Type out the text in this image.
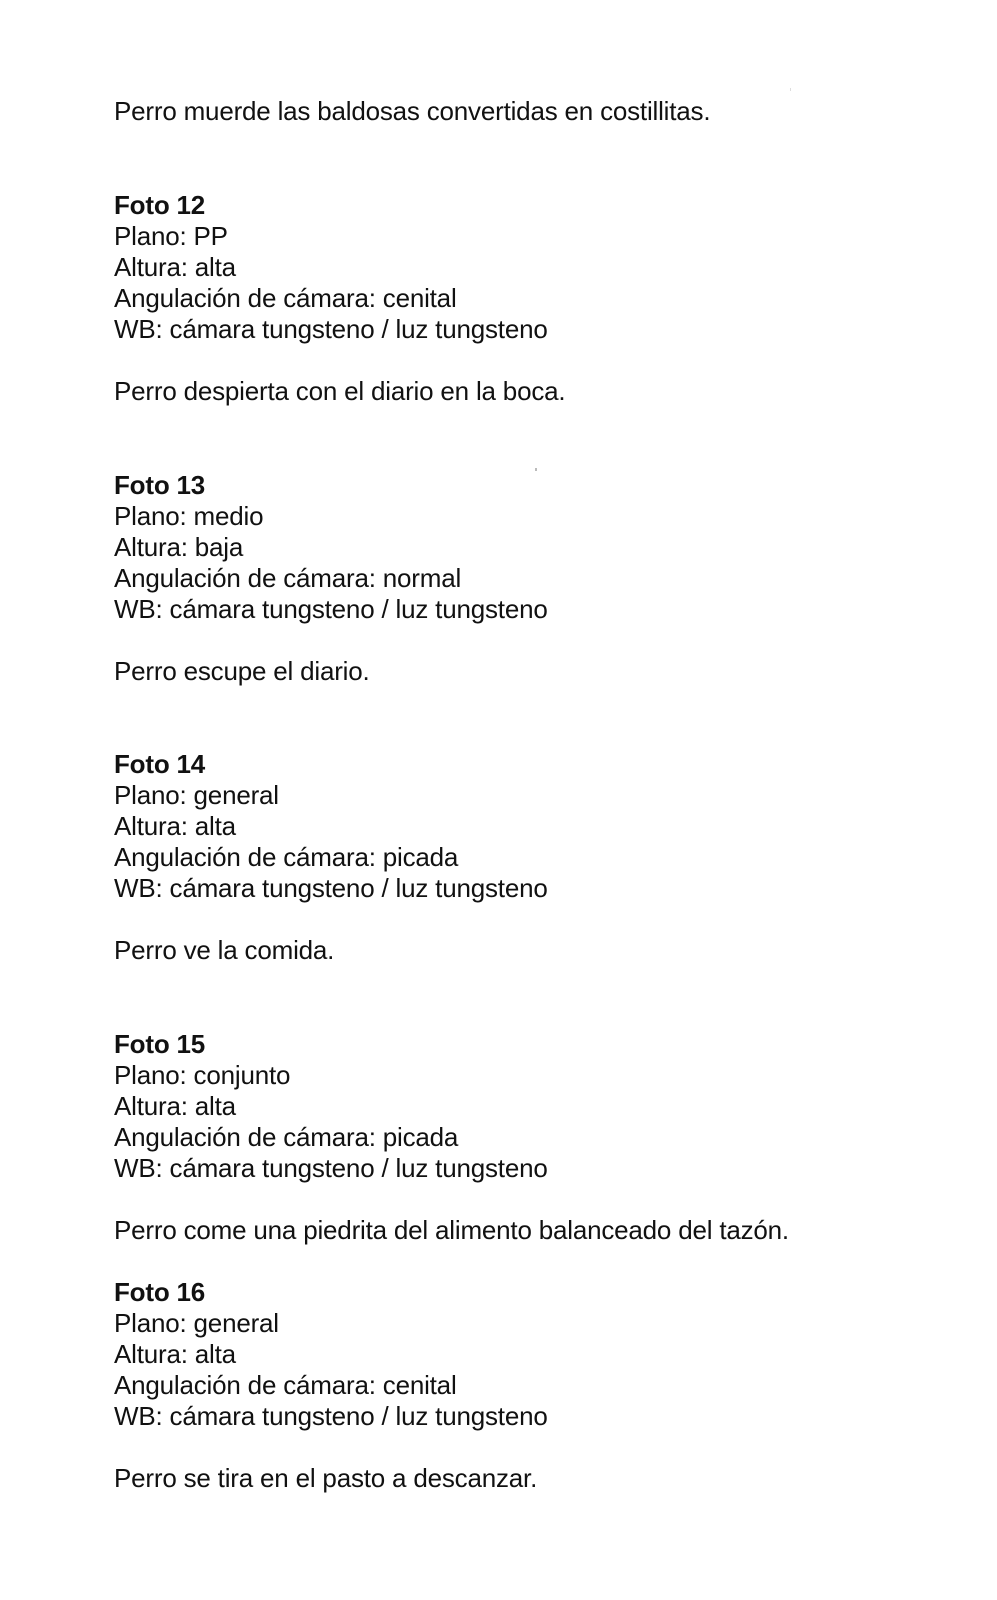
Perro muerde las baldosas convertidas en costillitas.
Foto 12
Plano: PP
Altura: alta
Angulación de cámara: cenital
WB: cámara tungsteno / luz tungsteno
Perro despierta con el diario en la boca.
Foto 13
Plano: medio
Altura: baja
Angulación de cámara: normal
WB: cámara tungsteno / luz tungsteno
Perro escupe el diario.
Foto 14
Plano: general
Altura: alta
Angulación de cámara: picada
WB: cámara tungsteno / luz tungsteno
Perro ve la comida.
Foto 15
Plano: conjunto
Altura: alta
Angulación de cámara: picada
WB: cámara tungsteno / luz tungsteno
Perro come una piedrita del alimento balanceado del tazón.
Foto 16
Plano: general
Altura: alta
Angulación de cámara: cenital
WB: cámara tungsteno / luz tungsteno
Perro se tira en el pasto a descanzar.
